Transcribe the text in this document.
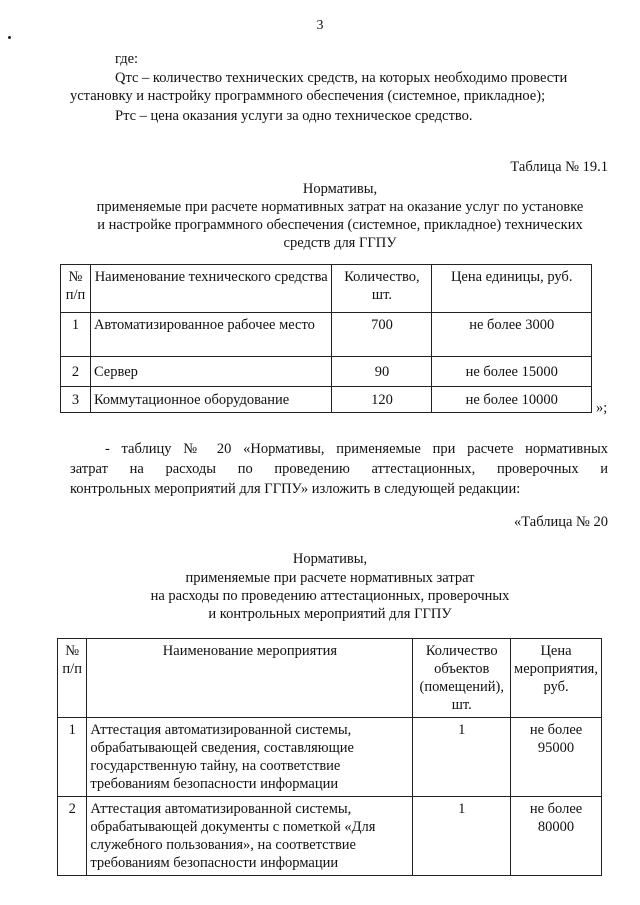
3
где:
Qтс – количество технических средств, на которых необходимо провести
установку и настройку программного обеспечения (системное, прикладное);
Pтс – цена оказания услуги за одно техническое средство.
Таблица № 19.1
Нормативы,
применяемые при расчете нормативных затрат на оказание услуг по установке
и настройке программного обеспечения (системное, прикладное) технических
средств для ГГПУ
№ п/п	Наименование технического средства	Количество, шт.	Цена единицы, руб.
1	Автоматизированное рабочее место	700	не более 3000
2	Сервер	90	не более 15000
3	Коммутационное оборудование	120	не более 10000
»;
- таблицу № 20 «Нормативы, применяемые при расчете нормативных
затрат на расходы по проведению аттестационных, проверочных и
контрольных мероприятий для ГГПУ» изложить в следующей редакции:
«Таблица № 20
Нормативы,
применяемые при расчете нормативных затрат
на расходы по проведению аттестационных, проверочных
и контрольных мероприятий для ГГПУ
№ п/п	Наименование мероприятия	Количество объектов (помещений), шт.	Цена мероприятия, руб.
1	Аттестация автоматизированной системы, обрабатывающей сведения, составляющие государственную тайну, на соответствие требованиям безопасности информации	1	не более 95000
2	Аттестация автоматизированной системы, обрабатывающей документы с пометкой «Для служебного пользования», на соответствие требованиям безопасности информации	1	не более 80000
